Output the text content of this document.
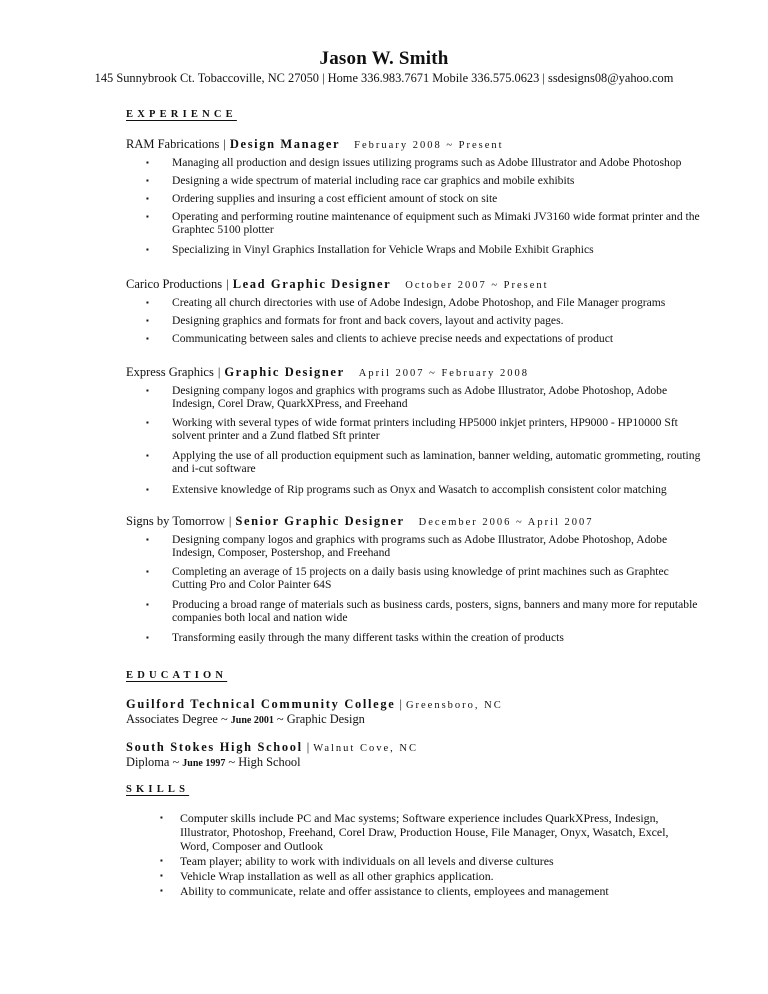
Jason W. Smith
145 Sunnybrook Ct. Tobaccoville, NC 27050 | Home 336.983.7671 Mobile 336.575.0623 | ssdesigns08@yahoo.com
EXPERIENCE
RAM Fabrications | Design Manager February 2008 ~ Present
▪ Managing all production and design issues utilizing programs such as Adobe Illustrator and Adobe Photoshop
▪ Designing a wide spectrum of material including race car graphics and mobile exhibits
▪ Ordering supplies and insuring a cost efficient amount of stock on site
▪ Operating and performing routine maintenance of equipment such as Mimaki JV3160 wide format printer and the Graphtec 5100 plotter
▪ Specializing in Vinyl Graphics Installation for Vehicle Wraps and Mobile Exhibit Graphics
Carico Productions | Lead Graphic Designer October 2007 ~ Present
▪ Creating all church directories with use of Adobe Indesign, Adobe Photoshop, and File Manager programs
▪ Designing graphics and formats for front and back covers, layout and activity pages.
▪ Communicating between sales and clients to achieve precise needs and expectations of product
Express Graphics | Graphic Designer April 2007 ~ February 2008
▪ Designing company logos and graphics with programs such as Adobe Illustrator, Adobe Photoshop, Adobe Indesign, Corel Draw, QuarkXPress, and Freehand
▪ Working with several types of wide format printers including HP5000 inkjet printers, HP9000 - HP10000 Sft solvent printer and a Zund flatbed Sft printer
▪ Applying the use of all production equipment such as lamination, banner welding, automatic grommeting, routing and i-cut software
▪ Extensive knowledge of Rip programs such as Onyx and Wasatch to accomplish consistent color matching
Signs by Tomorrow | Senior Graphic Designer December 2006 ~ April 2007
▪ Designing company logos and graphics with programs such as Adobe Illustrator, Adobe Photoshop, Adobe Indesign, Composer, Postershop, and Freehand
▪ Completing an average of 15 projects on a daily basis using knowledge of print machines such as Graphtec Cutting Pro and Color Painter 64S
▪ Producing a broad range of materials such as business cards, posters, signs, banners and many more for reputable companies both local and nation wide
▪ Transforming easily through the many different tasks within the creation of products
EDUCATION
Guilford Technical Community College | Greensboro, NC
Associates Degree ~ June 2001 ~ Graphic Design
South Stokes High School | Walnut Cove, NC
Diploma ~ June 1997 ~ High School
SKILLS
▪ Computer skills include PC and Mac systems; Software experience includes QuarkXPress, Indesign, Illustrator, Photoshop, Freehand, Corel Draw, Production House, File Manager, Onyx, Wasatch, Excel, Word, Composer and Outlook
▪ Team player; ability to work with individuals on all levels and diverse cultures
▪ Vehicle Wrap installation as well as all other graphics application.
▪ Ability to communicate, relate and offer assistance to clients, employees and management
